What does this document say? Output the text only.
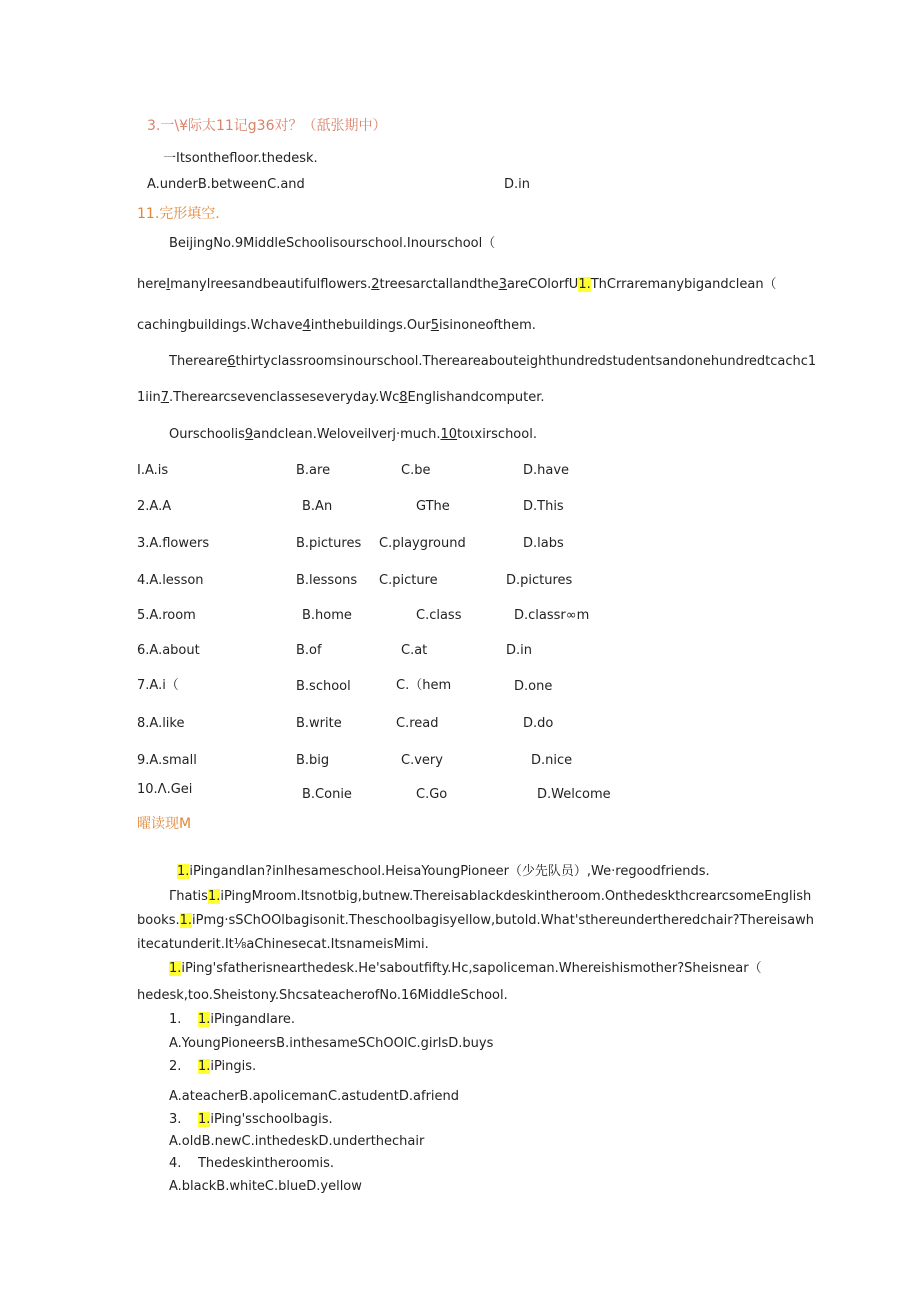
3.一\¥际太11记g36对？（舐张期中）
一Itsonthefloor.thedesk.
A.underB.betweenC.and	D.in
11.完形填空.
BeijingNo.9MiddleSchoolisourschool.Inourschool（
hereImanylreesandbeautifulflowers.2treesarctallandthe3areCOlorfU1.ThCrraremanybigandclean（
cachingbuildings.Wchave4inthebuildings.Our5isinoneofthem.
Thereare6thirtyclassroomsinourschool.Thereareabouteighthundredstudentsandonehundredtcachc1
1iin7.Therearcsevenclasseseveryday.Wc8Englishandcomputer.
Ourschoolis9andclean.Weloveilverj·much.10toιxirschool.
I.A.is	B.are	C.be	D.have
2.A.A	B.An	GThe	D.This
3.A.flowers	B.pictures C.playground	D.labs
4.A.lesson	B.lessons C.picture	D.pictures
5.A.room	B.home	C.class	D.classr∞m
6.A.about	B.of	C.at	D.in
7.A.i（	B.school	C.（hem	D.one
8.A.like	B.write	C.read	D.do
9.A.small	B.big	C.very	D.nice
10.Λ.Gei	B.Conie	C.Go	D.Welcome
曜读现M
1.iPingandIan?inIhesameschool.HeisaYoungPioneer（少先队员）,We·regoodfriends.
Γhatis1.iPingMroom.Itsnotbig,butnew.Thereisablackdeskintheroom.OnthedeskthcrearcsomeEnglish
books.1.iPmg·sSChOOlbagisonit.Theschoolbagisyellow,butold.What'sthereundertheredchair?Thereisawh
itecatunderit.It⅛aChinesecat.ItsnameisMimi.
1.iPing'sfatherisnearthedesk.He'saboutfifty.Hc,sapoliceman.Whereishismother?Sheisnear（
hedesk,too.Sheistony.ShcsateacherofNo.16MiddleSchool.
1. 1.iPingandIare.
A.YoungPioneersB.inthesameSChOOlC.girlsD.buys
2. 1.iPingis.
A.ateacherB.apolicemanC.astudentD.afriend
3. 1.iPing'sschoolbagis.
A.oldB.newC.inthedeskD.underthechair
4. Thedeskintheroomis.
A.blackB.whiteC.blueD.yellow
